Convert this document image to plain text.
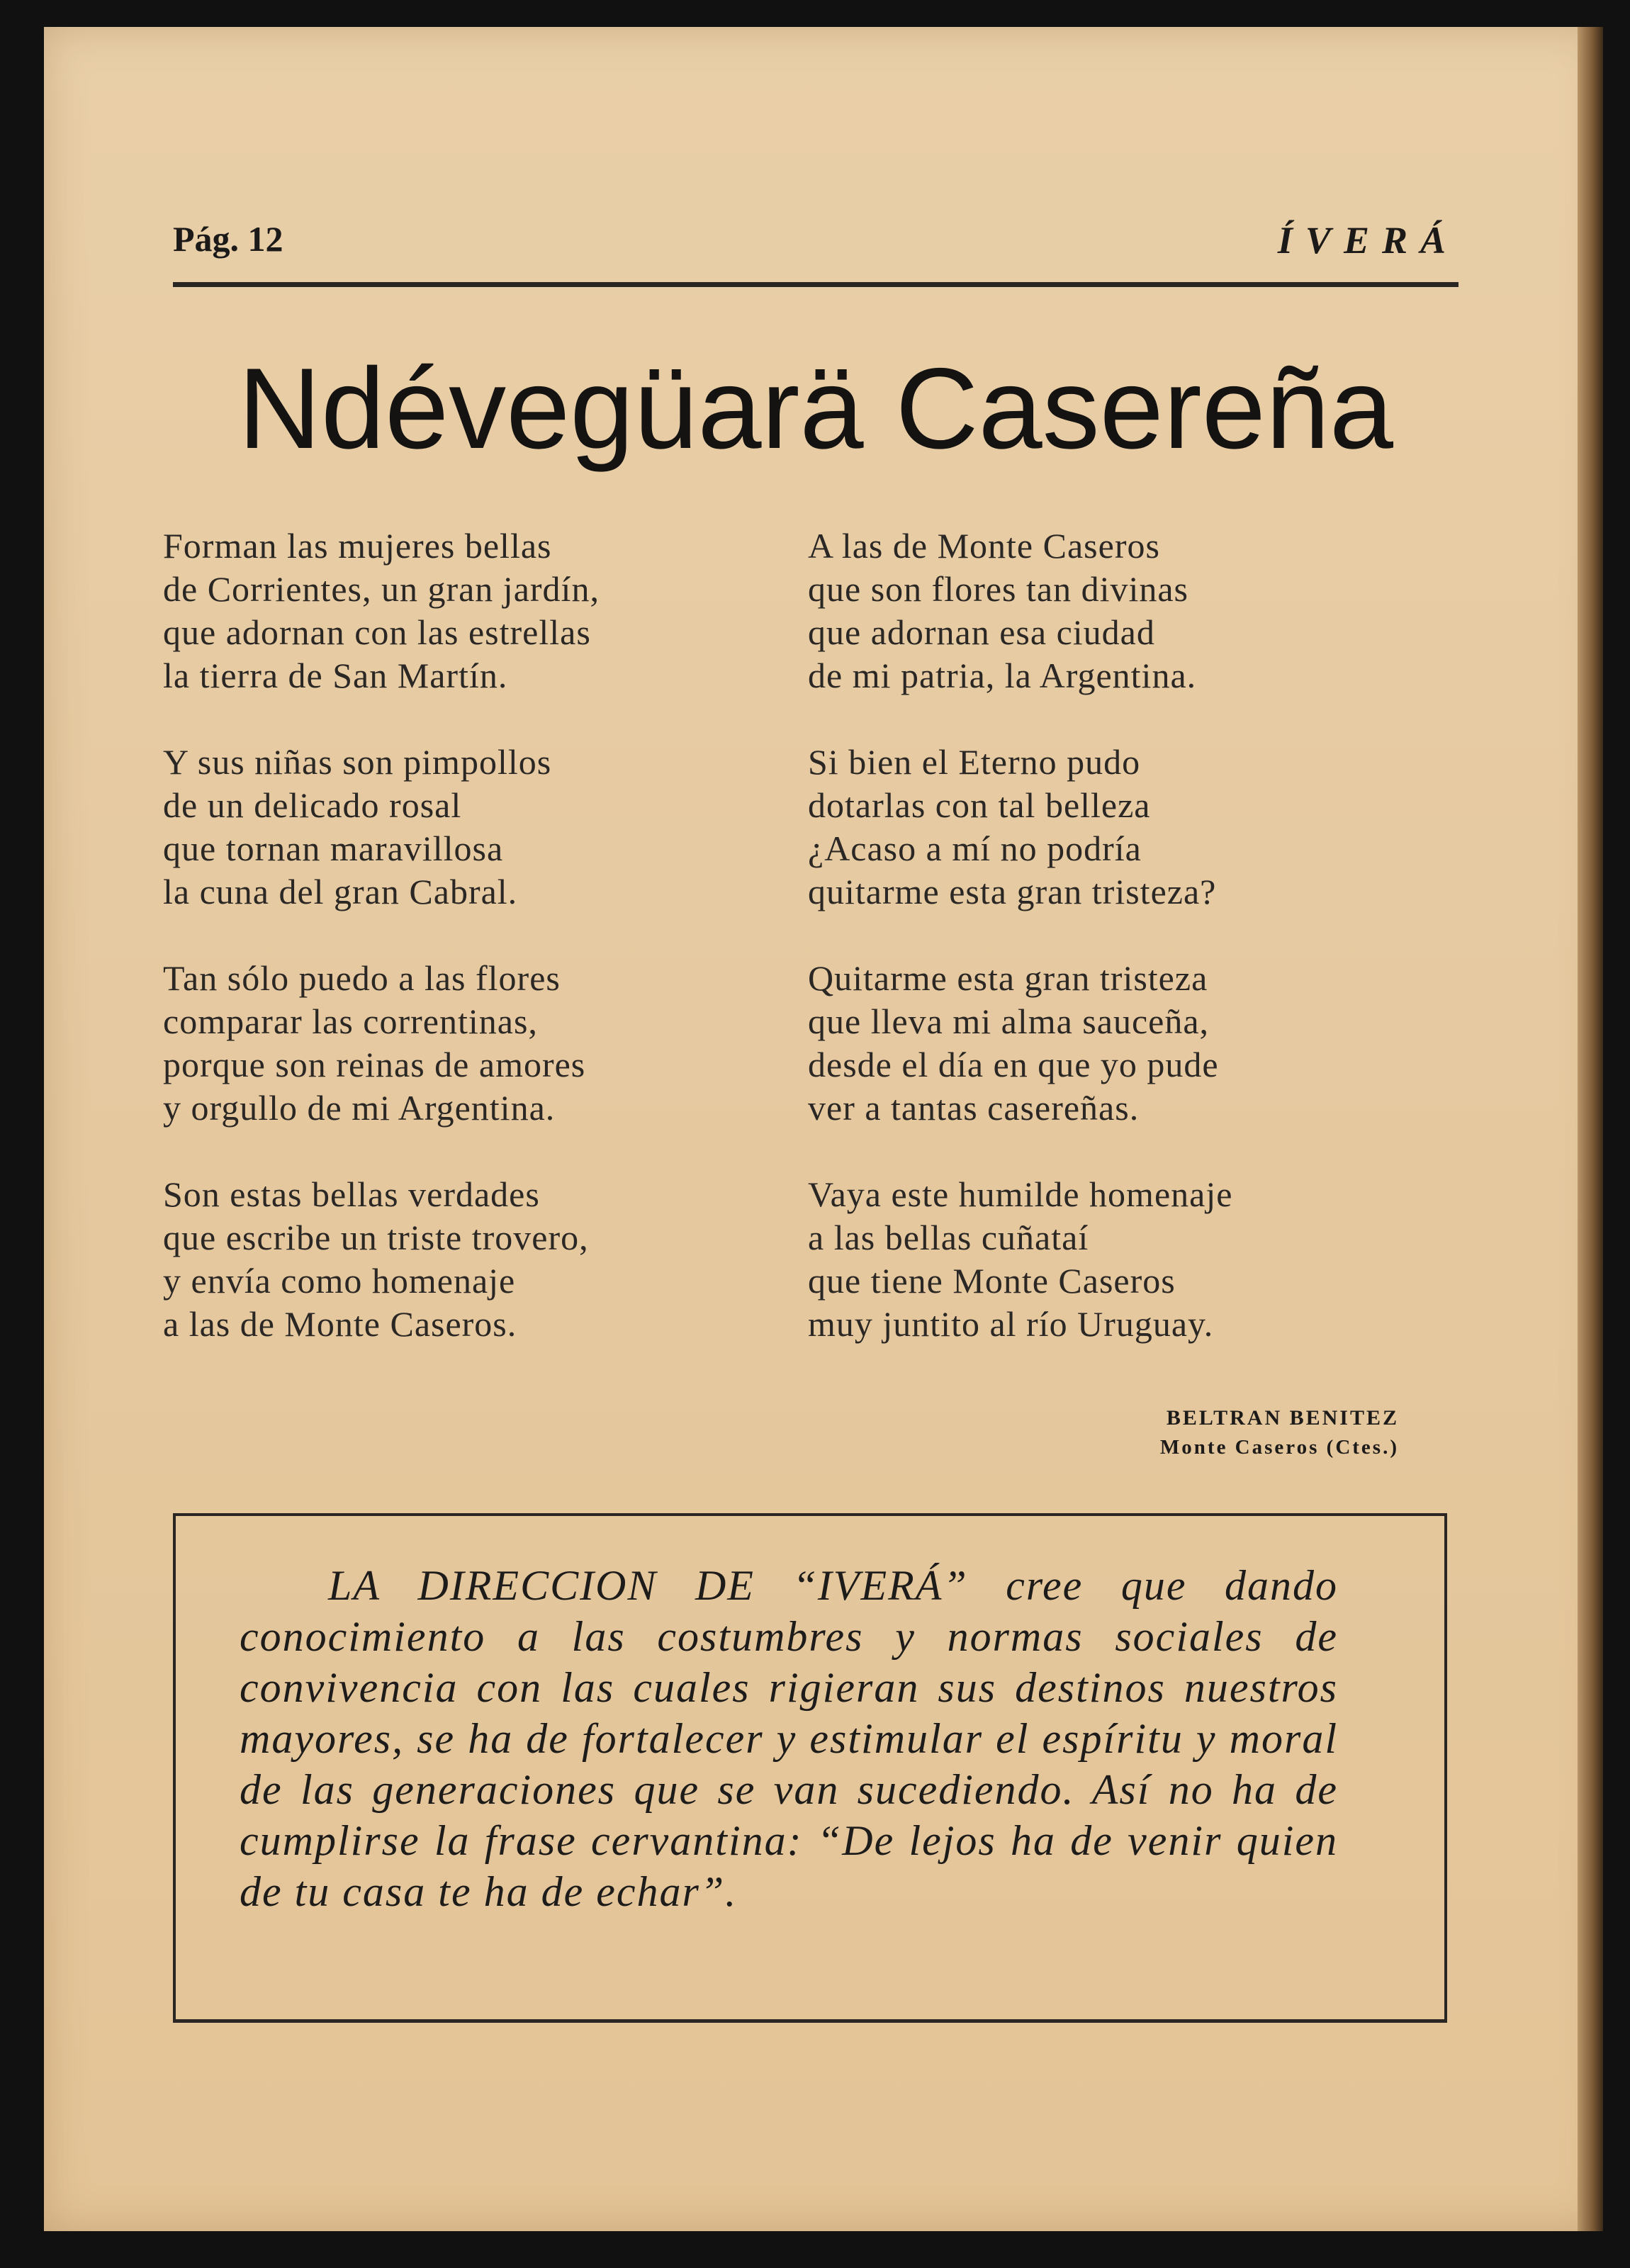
Pág. 12	ÍVERÁ
Ndévegüarä Casereña
Forman las mujeres bellas
de Corrientes, un gran jardín,
que adornan con las estrellas
la tierra de San Martín.
Y sus niñas son pimpollos
de un delicado rosal
que tornan maravillosa
la cuna del gran Cabral.
Tan sólo puedo a las flores
comparar las correntinas,
porque son reinas de amores
y orgullo de mi Argentina.
Son estas bellas verdades
que escribe un triste trovero,
y envía como homenaje
a las de Monte Caseros.
A las de Monte Caseros
que son flores tan divinas
que adornan esa ciudad
de mi patria, la Argentina.
Si bien el Eterno pudo
dotarlas con tal belleza
¿Acaso a mí no podría
quitarme esta gran tristeza?
Quitarme esta gran tristeza
que lleva mi alma sauceña,
desde el día en que yo pude
ver a tantas casereñas.
Vaya este humilde homenaje
a las bellas cuñataí
que tiene Monte Caseros
muy juntito al río Uruguay.
BELTRAN BENITEZ
Monte Caseros (Ctes.)
LA DIRECCION DE “IVERÁ” cree que dando conocimiento a las costumbres y normas sociales de convivencia con las cuales rigieran sus destinos nuestros mayores, se ha de fortalecer y estimular el espíritu y moral de las generaciones que se van sucediendo. Así no ha de cumplirse la frase cervantina: “De lejos ha de venir quien de tu casa te ha de echar”.
